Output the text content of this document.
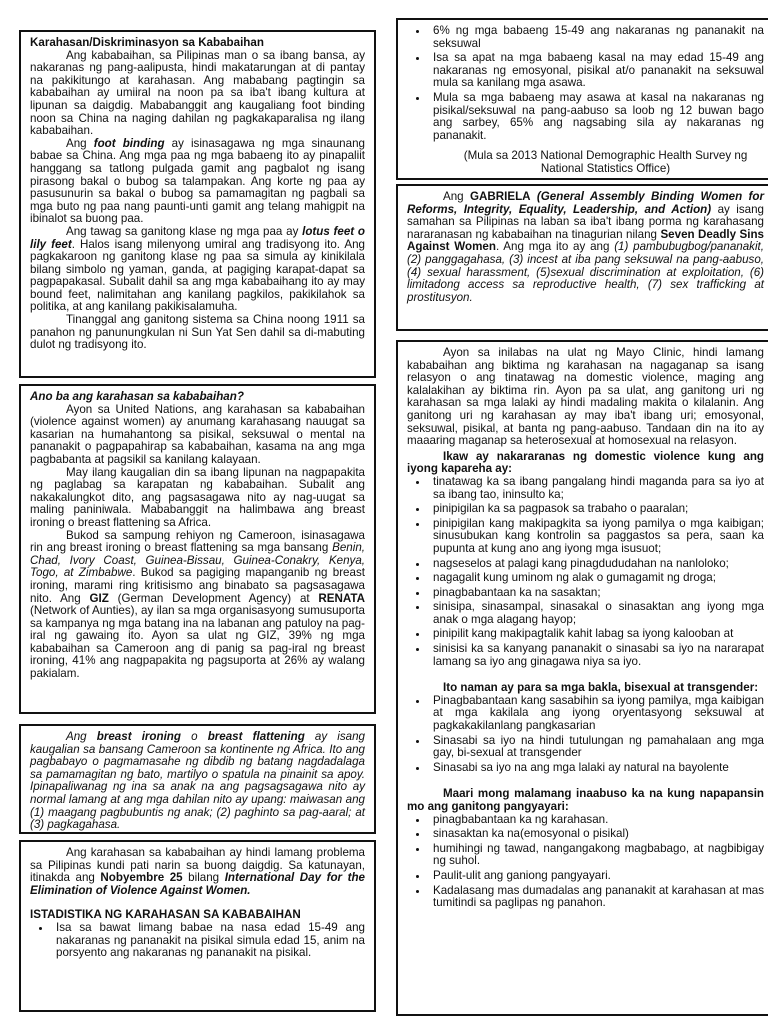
Karahasan/Diskriminasyon sa Kababaihan

Ang kababaihan, sa Pilipinas man o sa ibang bansa, ay nakaranas ng pang-aalipusta, hindi makatarungan at di pantay na pakikitungo at karahasan. Ang mababang pagtingin sa kababaihan ay umiiral na noon pa sa iba't ibang kultura at lipunan sa daigdig. Mababanggit ang kaugaliang foot binding noon sa China na naging dahilan ng pagkakaparalisa ng ilang kababaihan.

Ang foot binding ay isinasagawa ng mga sinaunang babae sa China. Ang mga paa ng mga babaeng ito ay pinapaliit hanggang sa tatlong pulgada gamit ang pagbalot ng isang pirasong bakal o bubog sa talampakan. Ang korte ng paa ay pasusunurin sa bakal o bubog sa pamamagitan ng pagbali sa mga buto ng paa nang paunti-unti gamit ang telang mahigpit na ibinalot sa buong paa.

Ang tawag sa ganitong klase ng mga paa ay lotus feet o lily feet. Halos isang milenyong umiral ang tradisyong ito. Ang pagkakaroon ng ganitong klase ng paa sa simula ay kinikilala bilang simbolo ng yaman, ganda, at pagiging karapat-dapat sa pagpapakasal. Subalit dahil sa ang mga kababaihang ito ay may bound feet, nalimitahan ang kanilang pagkilos, pakikilahok sa politika, at ang kanilang pakikisalamuha.

Tinanggal ang ganitong sistema sa China noong 1911 sa panahon ng panunungkulan ni Sun Yat Sen dahil sa di-mabuting dulot ng tradisyong ito.

Ano ba ang karahasan sa kababaihan?

Ayon sa United Nations, ang karahasan sa kababaihan (violence against women) ay anumang karahasang nauugat sa kasarian na humahantong sa pisikal, seksuwal o mental na pananakit o pagpapahirap sa kababaihan, kasama na ang mga pagbabanta at pagsikil sa kanilang kalayaan.

May ilang kaugalian din sa ibang lipunan na nagpapakita ng paglabag sa karapatan ng kababaihan. Subalit ang nakakalungkot dito, ang pagsasagawa nito ay nag-uugat sa maling paniniwala. Mababanggit na halimbawa ang breast ironing o breast flattening sa Africa.

Bukod sa sampung rehiyon ng Cameroon, isinasagawa rin ang breast ironing o breast flattening sa mga bansang Benin, Chad, Ivory Coast, Guinea-Bissau, Guinea-Conakry, Kenya, Togo, at Zimbabwe. Bukod sa pagiging mapanganib ng breast ironing, marami ring kritisismo ang binabato sa pagsasagawa nito. Ang GIZ (German Development Agency) at RENATA (Network of Aunties), ay ilan sa mga organisasyong sumusuporta sa kampanya ng mga batang ina na labanan ang patuloy na pag-iral ng gawaing ito. Ayon sa ulat ng GIZ, 39% ng mga kababaihan sa Cameroon ang di panig sa pag-iral ng breast ironing, 41% ang nagpapakita ng pagsuporta at 26% ay walang pakialam.

Ang breast ironing o breast flattening ay isang kaugalian sa bansang Cameroon sa kontinente ng Africa. Ito ang pagbabayo o pagmamasahe ng dibdib ng batang nagdadalaga sa pamamagitan ng bato, martilyo o spatula na pinainit sa apoy. Ipinapaliwanag ng ina sa anak na ang pagsagsagawa nito ay normal lamang at ang mga dahilan nito ay upang: maiwasan ang (1) maagang pagbubuntis ng anak; (2) paghinto sa pag-aaral; at (3) pagkagahasa.

Ang karahasan sa kababaihan ay hindi lamang problema sa Pilipinas kundi pati narin sa buong daigdig. Sa katunayan, itinakda ang Nobyembre 25 bilang International Day for the Elimination of Violence Against Women.

ISTADISTIKA NG KARAHASAN SA KABABAIHAN

• Isa sa bawat limang babae na nasa edad 15-49 ang nakaranas ng pananakit na pisikal simula edad 15, anim na porsyento ang nakaranas ng pananakit na pisikal.
• 6% ng mga babaeng 15-49 ang nakaranas ng pananakit na seksuwal
• Isa sa apat na mga babaeng kasal na may edad 15-49 ang nakaranas ng emosyonal, pisikal at/o pananakit na seksuwal mula sa kanilang mga asawa.
• Mula sa mga babaeng may asawa at kasal na nakaranas ng pisikal/seksuwal na pang-aabuso sa loob ng 12 buwan bago ang sarbey, 65% ang nagsabing sila ay nakaranas ng pananakit.

(Mula sa 2013 National Demographic Health Survey ng National Statistics Office)

Ang GABRIELA (General Assembly Binding Women for Reforms, Integrity, Equality, Leadership, and Action) ay isang samahan sa Pilipinas na laban sa iba't ibang porma ng karahasang nararanasan ng kababaihan na tinagurian nilang Seven Deadly Sins Against Women. Ang mga ito ay ang (1) pambubugbog/pananakit, (2) panggagahasa, (3) incest at iba pang seksuwal na pang-aabuso, (4) sexual harassment, (5)sexual discrimination at exploitation, (6) limitadong access sa reproductive health, (7) sex trafficking at prostitusyon.

Ayon sa inilabas na ulat ng Mayo Clinic, hindi lamang kababaihan ang biktima ng karahasan na nagaganap sa isang relasyon o ang tinatawag na domestic violence, maging ang kalalakihan ay biktima rin. Ayon pa sa ulat, ang ganitong uri ng karahasan sa mga lalaki ay hindi madaling makita o kilalanin. Ang ganitong uri ng karahasan ay may iba't ibang uri; emosyonal, seksuwal, pisikal, at banta ng pang-aabuso. Tandaan din na ito ay maaaring maganap sa heterosexual at homosexual na relasyon.

Ikaw ay nakararanas ng domestic violence kung ang iyong kapareha ay:

• tinatawag ka sa ibang pangalang hindi maganda para sa iyo at sa ibang tao, ininsulto ka;
• pinipigilan ka sa pagpasok sa trabaho o paaralan;
• pinipigilan kang makipagkita sa iyong pamilya o mga kaibigan; sinusubukan kang kontrolin sa paggastos sa pera, saan ka pupunta at kung ano ang iyong mga isusuot;
• nagseselos at palagi kang pinagdududahan na nanloloko;
• nagagalit kung uminom ng alak o gumagamit ng droga;
• pinagbabantaan ka na sasaktan;
• sinisipa, sinasampal, sinasakal o sinasaktan ang iyong mga anak o mga alagang hayop;
• pinipilit kang makipagtalik kahit labag sa iyong kalooban at
• sinisisi ka sa kanyang pananakit o sinasabi sa iyo na nararapat lamang sa iyo ang ginagawa niya sa iyo.

Ito naman ay para sa mga bakla, bisexual at transgender:

• Pinagbabantaan kang sasabihin sa iyong pamilya, mga kaibigan at mga kakilala ang iyong oryentasyong seksuwal at pagkakakilanlang pangkasarian
• Sinasabi sa iyo na hindi tutulungan ng pamahalaan ang mga gay, bi-sexual at transgender
• Sinasabi sa iyo na ang mga lalaki ay natural na bayolente

Maari mong malamang inaabuso ka na kung napapansin mo ang ganitong pangyayari:

• pinagbabantaan ka ng karahasan.
• sinasaktan ka na(emosyonal o pisikal)
• humihingi ng tawad, nangangakong magbabago, at nagbibigay ng suhol.
• Paulit-ulit ang ganiong pangyayari.
• Kadalasang mas dumadalas ang pananakit at karahasan at mas tumitindi sa paglipas ng panahon.
